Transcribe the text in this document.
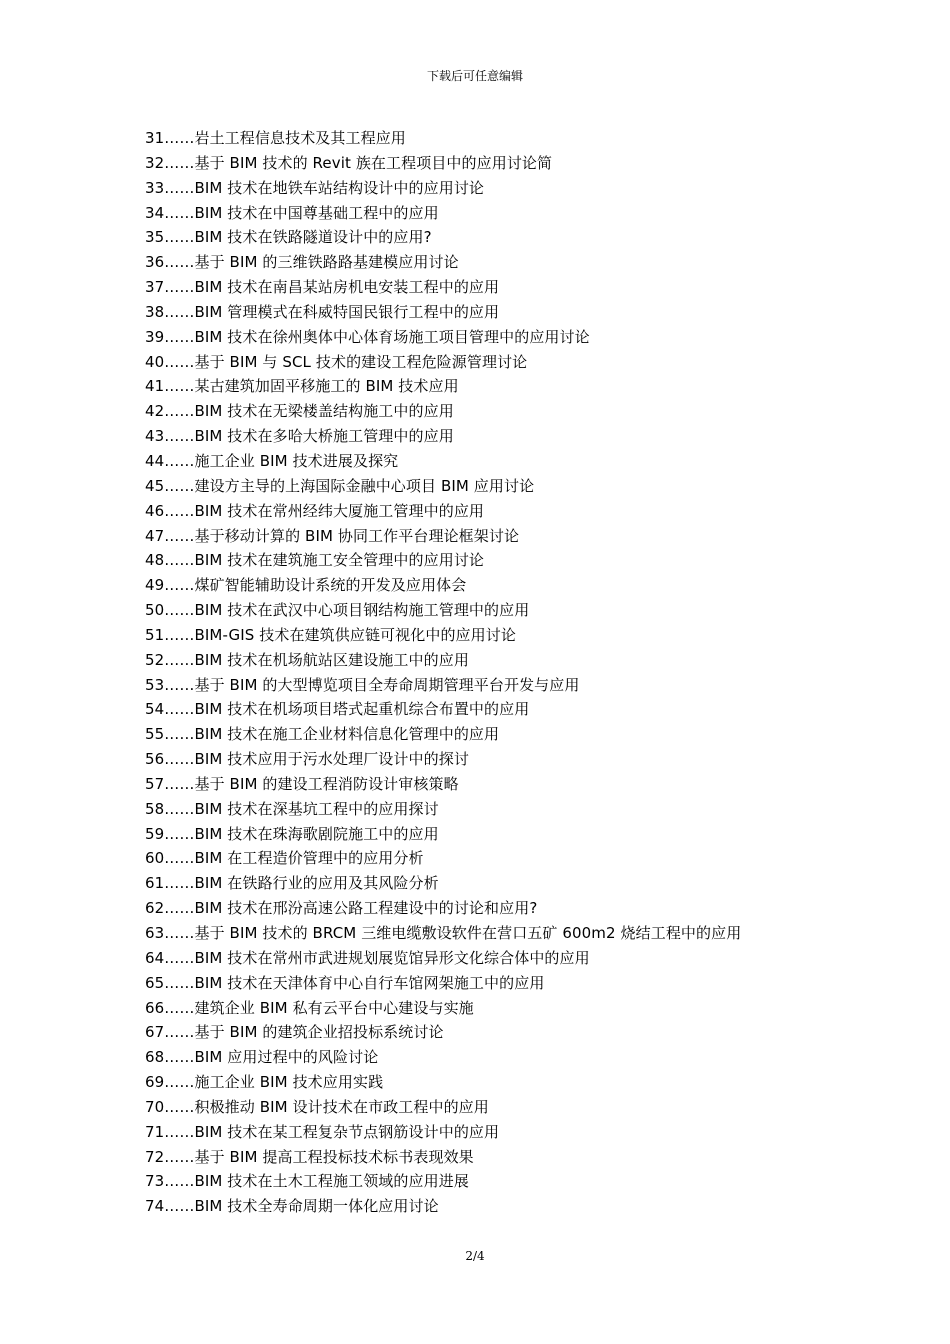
下载后可任意编辑
31……岩土工程信息技术及其工程应用
32……基于 BIM 技术的 Revit 族在工程项目中的应用讨论简
33……BIM 技术在地铁车站结构设计中的应用讨论
34……BIM 技术在中国尊基础工程中的应用
35……BIM 技术在铁路隧道设计中的应用?
36……基于 BIM 的三维铁路路基建模应用讨论
37……BIM 技术在南昌某站房机电安装工程中的应用
38……BIM 管理模式在科威特国民银行工程中的应用
39……BIM 技术在徐州奥体中心体育场施工项目管理中的应用讨论
40……基于 BIM 与 SCL 技术的建设工程危险源管理讨论
41……某古建筑加固平移施工的 BIM 技术应用
42……BIM 技术在无梁楼盖结构施工中的应用
43……BIM 技术在多哈大桥施工管理中的应用
44……施工企业 BIM 技术进展及探究
45……建设方主导的上海国际金融中心项目 BIM 应用讨论
46……BIM 技术在常州经纬大厦施工管理中的应用
47……基于移动计算的 BIM 协同工作平台理论框架讨论
48……BIM 技术在建筑施工安全管理中的应用讨论
49……煤矿智能辅助设计系统的开发及应用体会
50……BIM 技术在武汉中心项目钢结构施工管理中的应用
51……BIM-GIS 技术在建筑供应链可视化中的应用讨论
52……BIM 技术在机场航站区建设施工中的应用
53……基于 BIM 的大型博览项目全寿命周期管理平台开发与应用
54……BIM 技术在机场项目塔式起重机综合布置中的应用
55……BIM 技术在施工企业材料信息化管理中的应用
56……BIM 技术应用于污水处理厂设计中的探讨
57……基于 BIM 的建设工程消防设计审核策略
58……BIM 技术在深基坑工程中的应用探讨
59……BIM 技术在珠海歌剧院施工中的应用
60……BIM 在工程造价管理中的应用分析
61……BIM 在铁路行业的应用及其风险分析
62……BIM 技术在邢汾高速公路工程建设中的讨论和应用?
63……基于 BIM 技术的 BRCM 三维电缆敷设软件在营口五矿 600m2 烧结工程中的应用
64……BIM 技术在常州市武进规划展览馆异形文化综合体中的应用
65……BIM 技术在天津体育中心自行车馆网架施工中的应用
66……建筑企业 BIM 私有云平台中心建设与实施
67……基于 BIM 的建筑企业招投标系统讨论
68……BIM 应用过程中的风险讨论
69……施工企业 BIM 技术应用实践
70……积极推动 BIM 设计技术在市政工程中的应用
71……BIM 技术在某工程复杂节点钢筋设计中的应用
72……基于 BIM 提高工程投标技术标书表现效果
73……BIM 技术在土木工程施工领域的应用进展
74……BIM 技术全寿命周期一体化应用讨论
2/4
